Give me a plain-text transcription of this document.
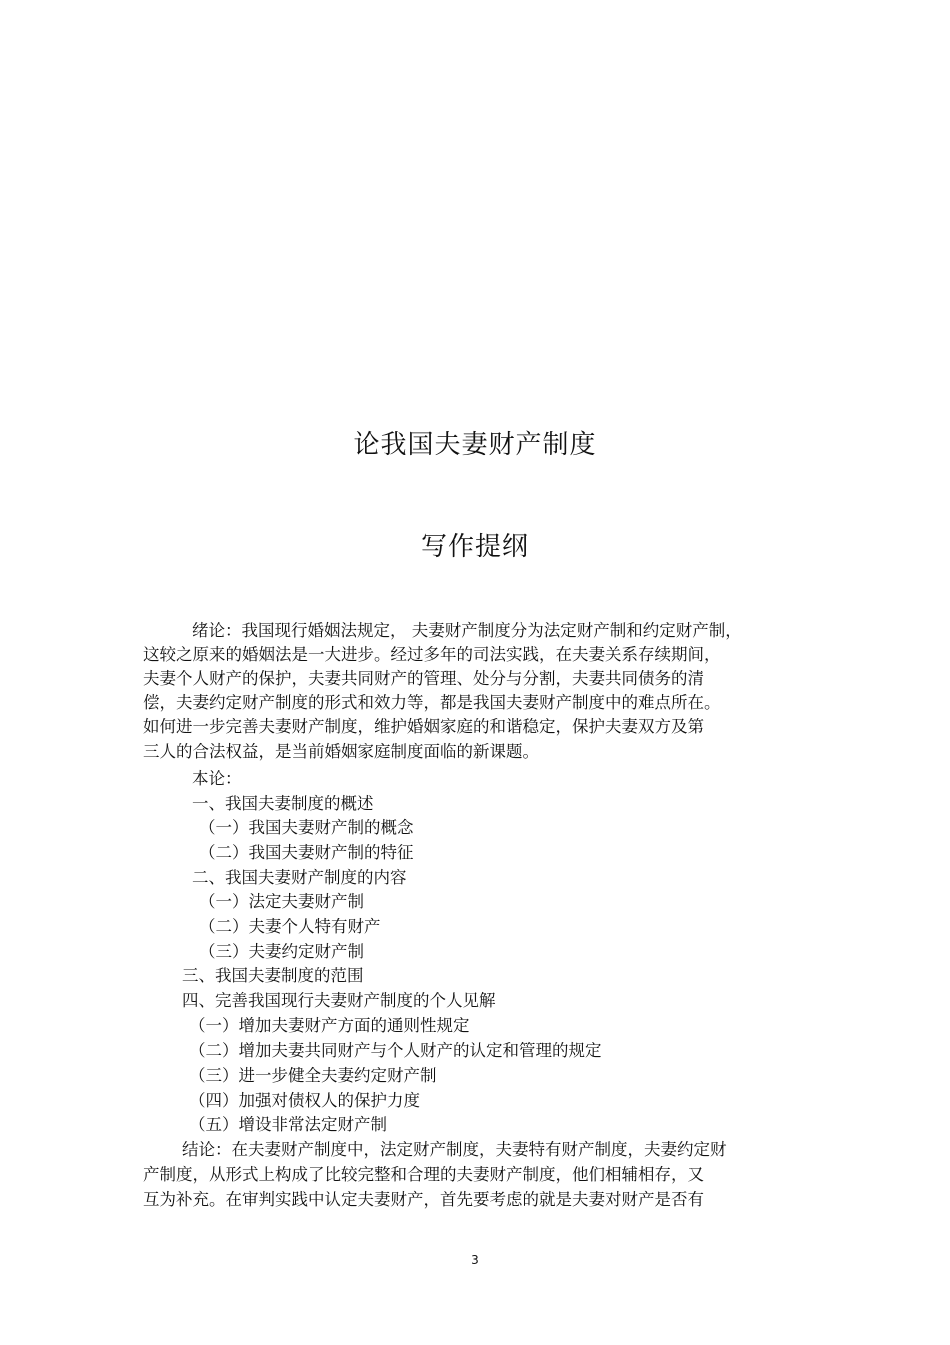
论我国夫妻财产制度
写作提纲
绪论：我国现行婚姻法规定， 夫妻财产制度分为法定财产制和约定财产制，
这较之原来的婚姻法是一大进步。经过多年的司法实践，在夫妻关系存续期间，
夫妻个人财产的保护，夫妻共同财产的管理、处分与分割，夫妻共同债务的清
偿，夫妻约定财产制度的形式和效力等，都是我国夫妻财产制度中的难点所在。
如何进一步完善夫妻财产制度，维护婚姻家庭的和谐稳定，保护夫妻双方及第
三人的合法权益，是当前婚姻家庭制度面临的新课题。
本论：
一、我国夫妻制度的概述
（一）我国夫妻财产制的概念
（二）我国夫妻财产制的特征
二、我国夫妻财产制度的内容
（一）法定夫妻财产制
（二）夫妻个人特有财产
（三）夫妻约定财产制
三、我国夫妻制度的范围
四、完善我国现行夫妻财产制度的个人见解
（一）增加夫妻财产方面的通则性规定
（二）增加夫妻共同财产与个人财产的认定和管理的规定
（三）进一步健全夫妻约定财产制
（四）加强对债权人的保护力度
（五）增设非常法定财产制
结论：在夫妻财产制度中，法定财产制度，夫妻特有财产制度，夫妻约定财
产制度，从形式上构成了比较完整和合理的夫妻财产制度，他们相辅相存，又
互为补充。在审判实践中认定夫妻财产，首先要考虑的就是夫妻对财产是否有
3
